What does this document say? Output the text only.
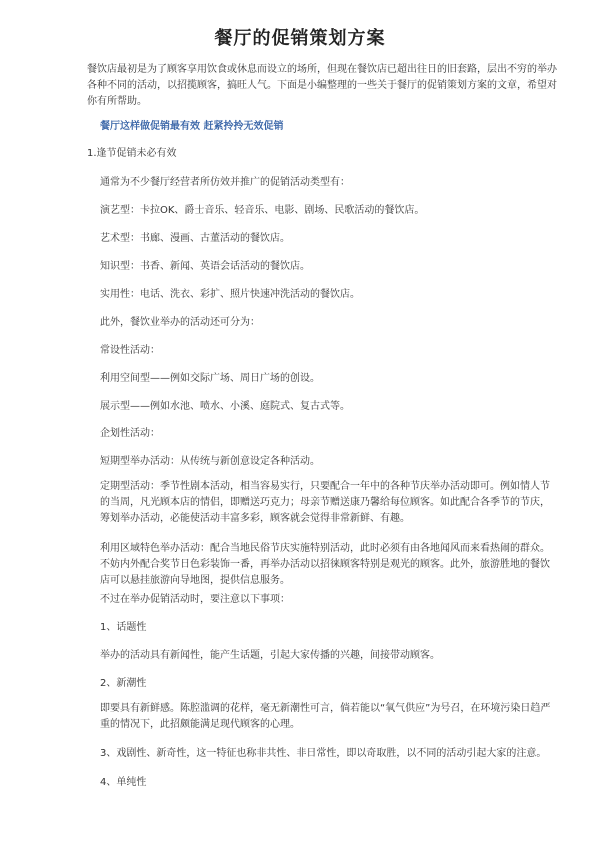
餐厅的促销策划方案
餐饮店最初是为了顾客享用饮食或休息而设立的场所，但现在餐饮店已超出往日的旧套路，层出不穷的举办各种不同的活动，以招揽顾客，搞旺人气。下面是小编整理的一些关于餐厅的促销策划方案的文章，希望对你有所帮助。
餐厅这样做促销最有效 赶紧拎拎无效促销
1.逢节促销未必有效
通常为不少餐厅经营者所仿效并推广的促销活动类型有：
演艺型：卡拉OK、爵士音乐、轻音乐、电影、剧场、民歌活动的餐饮店。
艺术型：书廊、漫画、古董活动的餐饮店。
知识型：书香、新闻、英语会话活动的餐饮店。
实用性：电话、洗衣、彩扩、照片快速冲洗活动的餐饮店。
此外，餐饮业举办的活动还可分为：
常设性活动：
利用空间型——例如交际广场、周日广场的创设。
展示型——例如水池、喷水、小溪、庭院式、复古式等。
企划性活动：
短期型举办活动：从传统与新创意设定各种活动。
定期型活动：季节性剧本活动，相当容易实行，只要配合一年中的各种节庆举办活动即可。例如情人节的当周，凡光顾本店的情侣，即赠送巧克力；母亲节赠送康乃馨给每位顾客。如此配合各季节的节庆，筹划举办活动，必能使活动丰富多彩，顾客就会觉得非常新鲜、有趣。
利用区域特色举办活动：配合当地民俗节庆实施特别活动，此时必须有由各地闻风而来看热闹的群众。不妨内外配合奖节日色彩装饰一番，再举办活动以招徕顾客特别是观光的顾客。此外，旅游胜地的餐饮店可以悬挂旅游向导地图，提供信息服务。
不过在举办促销活动时，要注意以下事项：
1、话题性
举办的活动具有新闻性，能产生话题，引起大家传播的兴趣，间接带动顾客。
2、新潮性
即要具有新鲜感。陈腔滥调的花样，毫无新潮性可言，倘若能以“氧气供应”为号召，在环境污染日趋严重的情况下，此招颇能满足现代顾客的心理。
3、戏剧性、新奇性，这一特征也称非共性、非日常性，即以奇取胜，以不同的活动引起大家的注意。
4、单纯性
